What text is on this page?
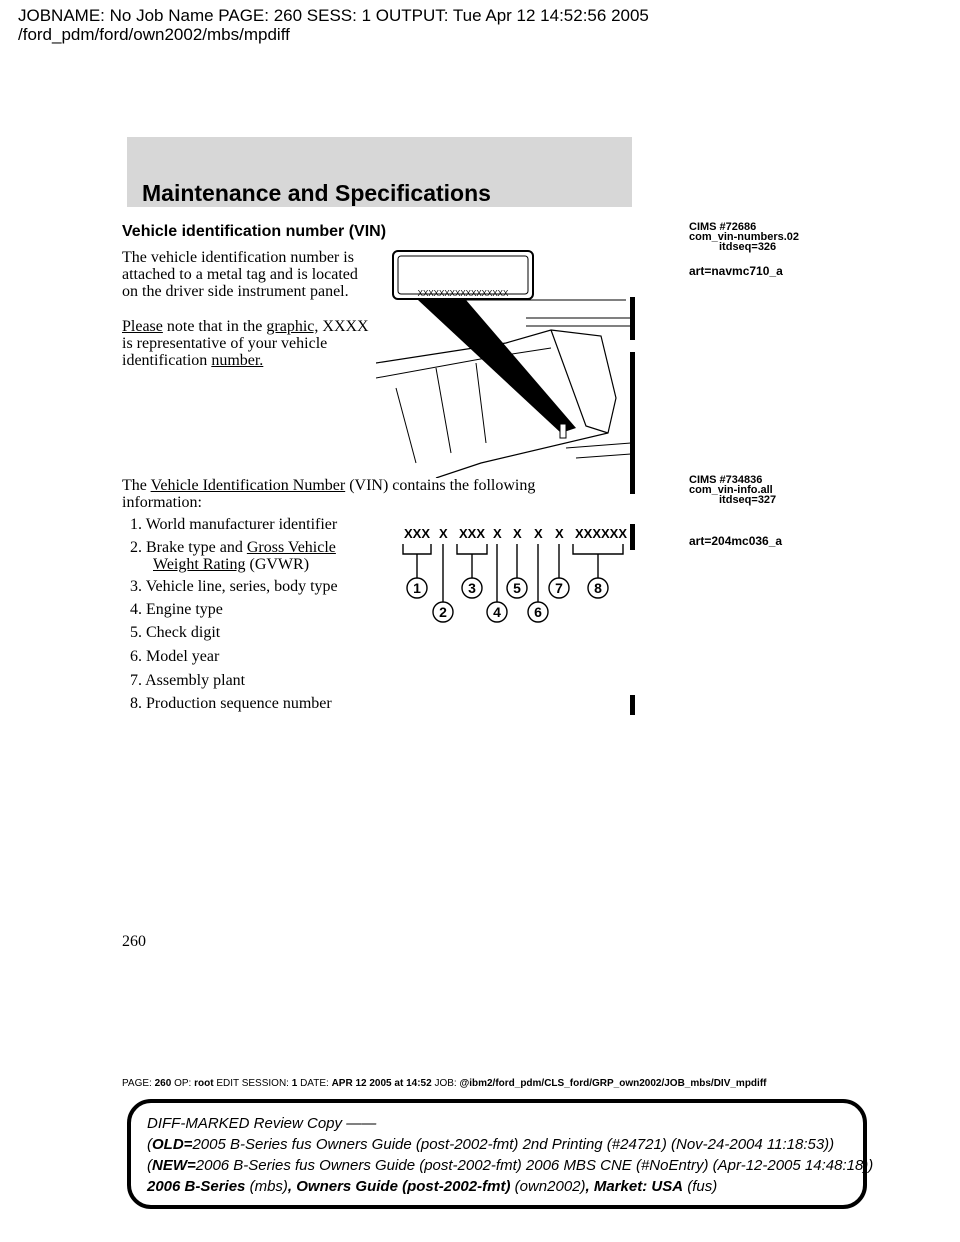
JOBNAME: No Job Name PAGE: 260 SESS: 1 OUTPUT: Tue Apr 12 14:52:56 2005
/ford_pdm/ford/own2002/mbs/mpdiff
Maintenance and Specifications
Vehicle identification number (VIN)
The vehicle identification number is attached to a metal tag and is located on the driver side instrument panel.
Please note that in the graphic, XXXX is representative of your vehicle identification number.
CIMS #72686
com_vin-numbers.02
itdseq=326
art=navmc710_a
XXXXXXXXXXXXXXXXX
The Vehicle Identification Number (VIN) contains the following information:
CIMS #734836
com_vin-info.all
itdseq=327
art=204mc036_a
1. World manufacturer identifier
2. Brake type and Gross Vehicle
Weight Rating (GVWR)
3. Vehicle line, series, body type
4. Engine type
5. Check digit
6. Model year
7. Assembly plant
8. Production sequence number
XXX X XXX X X X X XXXXXX
1
2
3
4
5
6
7 8
260
PAGE: 260 OP: root EDIT SESSION: 1 DATE: APR 12 2005 at 14:52 JOB: @ibm2/ford_pdm/CLS_ford/GRP_own2002/JOB_mbs/DIV_mpdiff
DIFF-MARKED Review Copy ——
(OLD=2005 B-Series fus Owners Guide (post-2002-fmt) 2nd Printing (#24721) (Nov-24-2004 11:18:53))
(NEW=2006 B-Series fus Owners Guide (post-2002-fmt) 2006 MBS CNE (#NoEntry) (Apr-12-2005 14:48:18))
2006 B-Series (mbs), Owners Guide (post-2002-fmt) (own2002), Market: USA (fus)
